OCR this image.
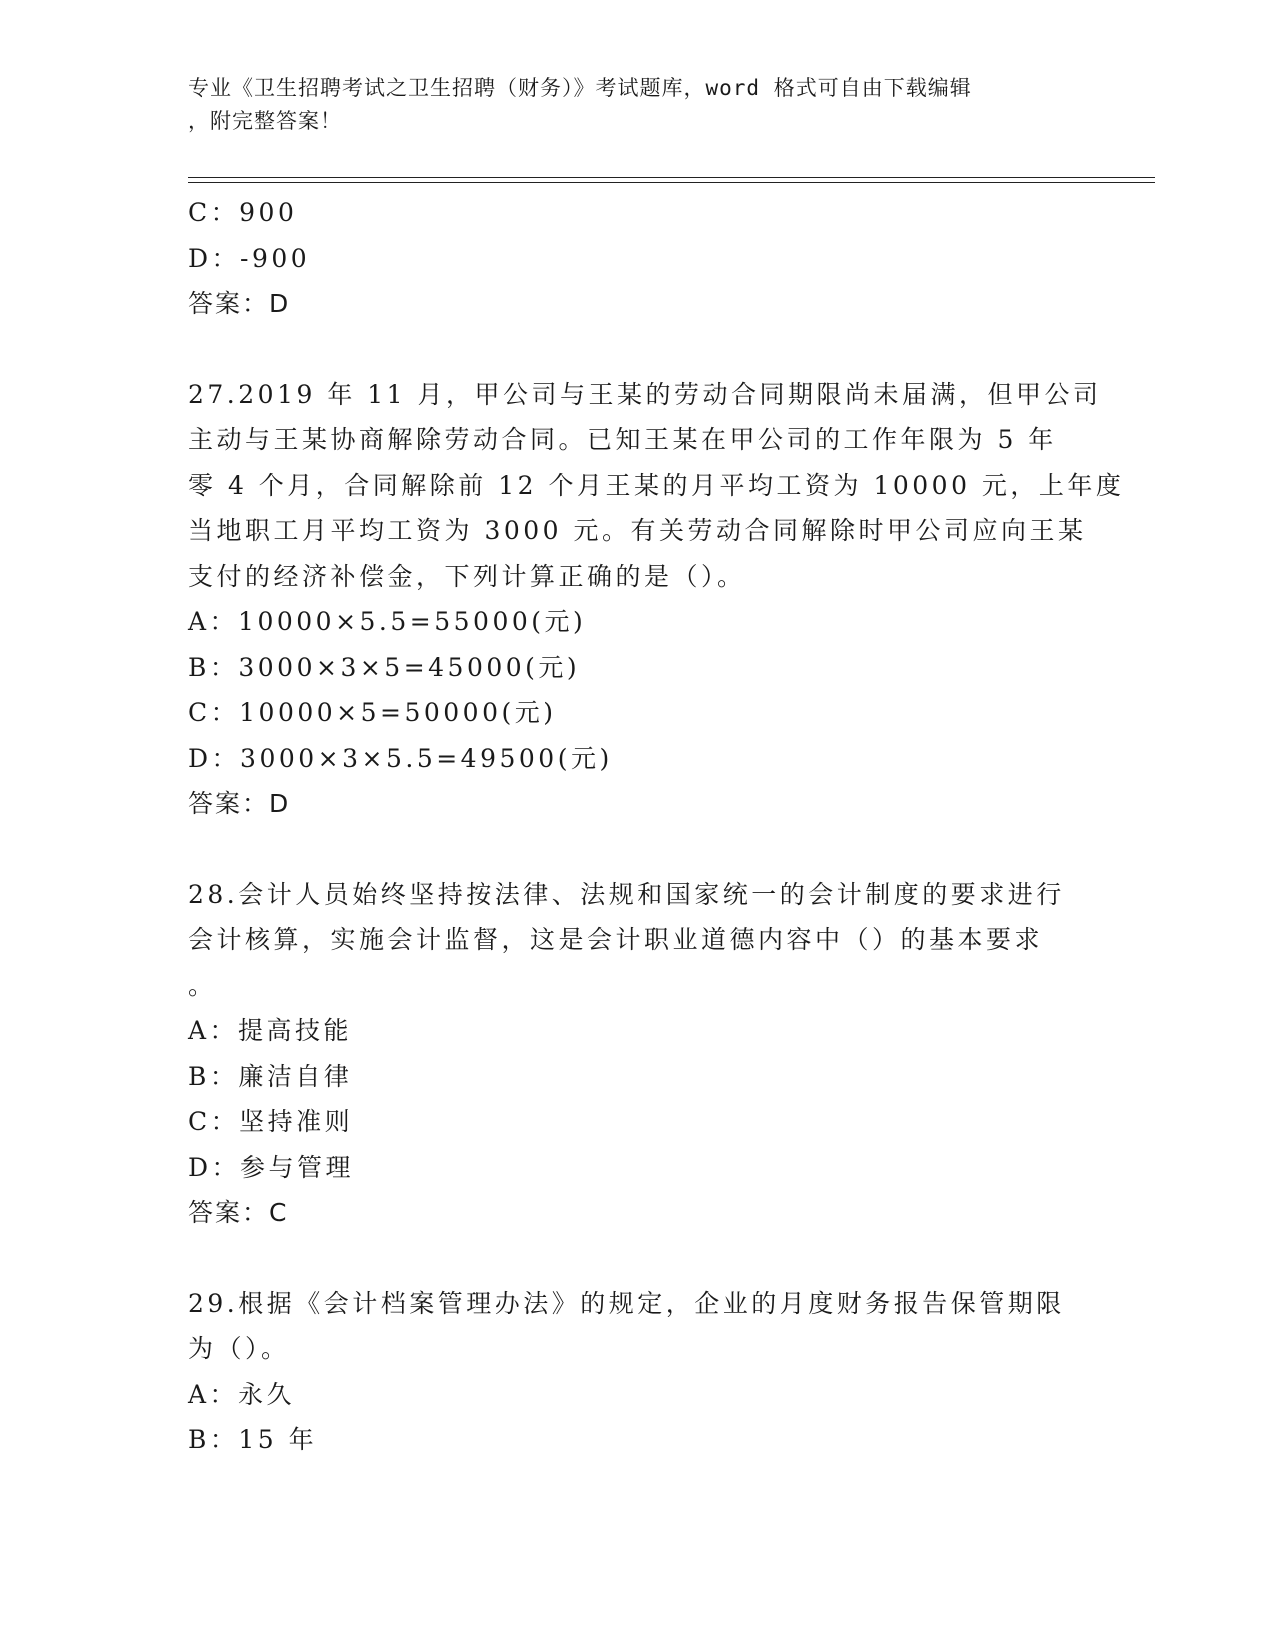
专业《卫生招聘考试之卫生招聘（财务）》考试题库，word 格式可自由下载编辑
，附完整答案！
C：900
D：-900
答案：D
27.2019 年 11 月，甲公司与王某的劳动合同期限尚未届满，但甲公司
主动与王某协商解除劳动合同。已知王某在甲公司的工作年限为 5 年
零 4 个月，合同解除前 12 个月王某的月平均工资为 10000 元，上年度
当地职工月平均工资为 3000 元。有关劳动合同解除时甲公司应向王某
支付的经济补偿金，下列计算正确的是（）。
A：10000×5.5=55000(元)
B：3000×3×5=45000(元)
C：10000×5=50000(元)
D：3000×3×5.5=49500(元)
答案：D
28.会计人员始终坚持按法律、法规和国家统一的会计制度的要求进行
会计核算，实施会计监督，这是会计职业道德内容中（）的基本要求
。
A：提高技能
B：廉洁自律
C：坚持准则
D：参与管理
答案：C
29.根据《会计档案管理办法》的规定，企业的月度财务报告保管期限
为（）。
A：永久
B：15 年
